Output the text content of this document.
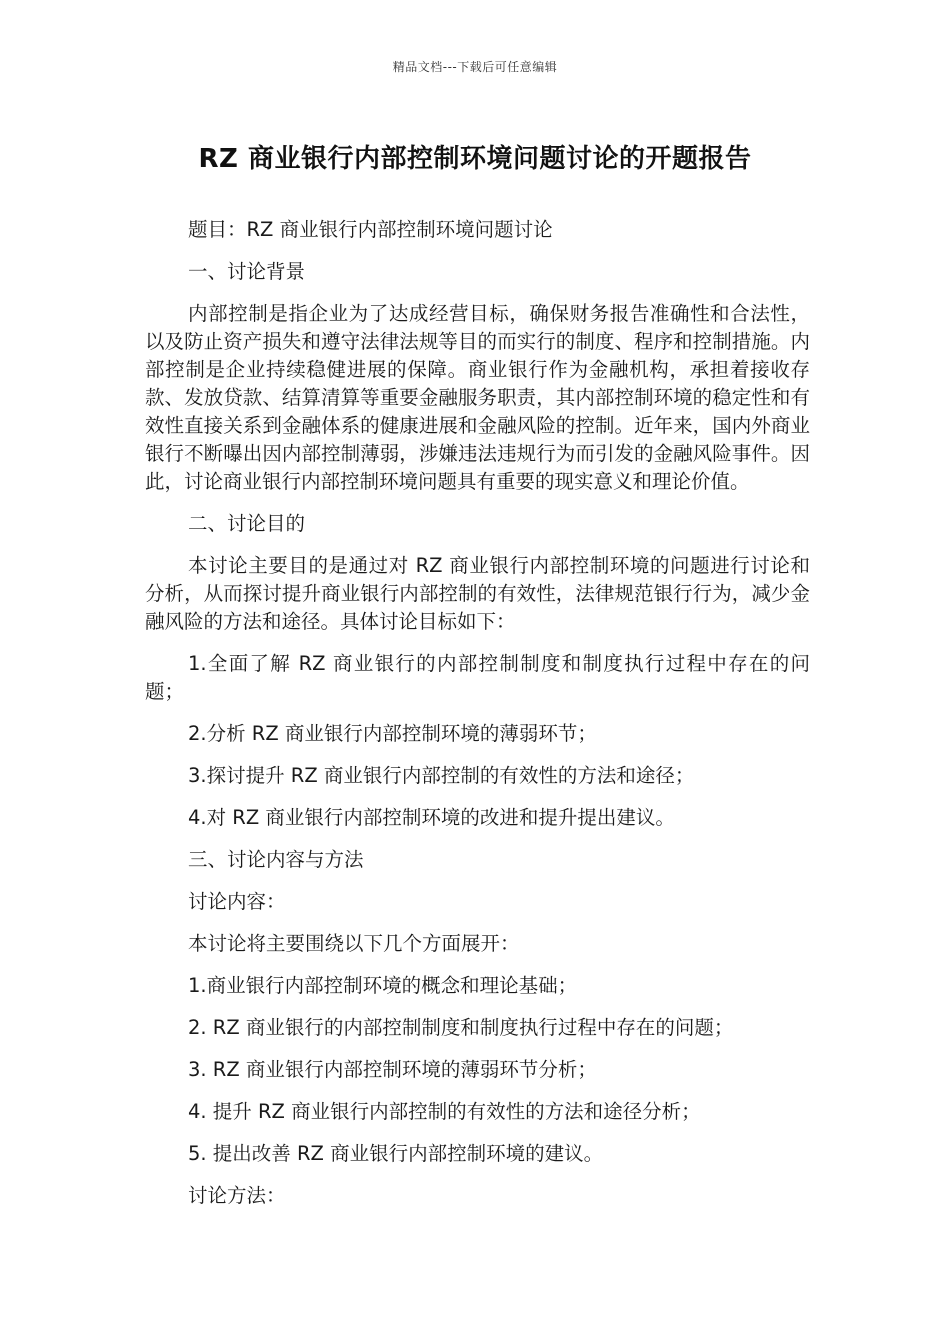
精品文档---下载后可任意编辑
RZ 商业银行内部控制环境问题讨论的开题报告

题目：RZ 商业银行内部控制环境问题讨论

一、讨论背景

内部控制是指企业为了达成经营目标，确保财务报告准确性和合法性，以及防止资产损失和遵守法律法规等目的而实行的制度、程序和控制措施。内部控制是企业持续稳健进展的保障。商业银行作为金融机构，承担着接收存款、发放贷款、结算清算等重要金融服务职责，其内部控制环境的稳定性和有效性直接关系到金融体系的健康进展和金融风险的控制。近年来，国内外商业银行不断曝出因内部控制薄弱，涉嫌违法违规行为而引发的金融风险事件。因此，讨论商业银行内部控制环境问题具有重要的现实意义和理论价值。

二、讨论目的

本讨论主要目的是通过对 RZ 商业银行内部控制环境的问题进行讨论和分析，从而探讨提升商业银行内部控制的有效性，法律规范银行行为，减少金融风险的方法和途径。具体讨论目标如下：

1.全面了解 RZ 商业银行的内部控制制度和制度执行过程中存在的问题；

2.分析 RZ 商业银行内部控制环境的薄弱环节；

3.探讨提升 RZ 商业银行内部控制的有效性的方法和途径；

4.对 RZ 商业银行内部控制环境的改进和提升提出建议。

三、讨论内容与方法

讨论内容：

本讨论将主要围绕以下几个方面展开：

1.商业银行内部控制环境的概念和理论基础；

2. RZ 商业银行的内部控制制度和制度执行过程中存在的问题；

3. RZ 商业银行内部控制环境的薄弱环节分析；

4. 提升 RZ 商业银行内部控制的有效性的方法和途径分析；

5. 提出改善 RZ 商业银行内部控制环境的建议。

讨论方法：
